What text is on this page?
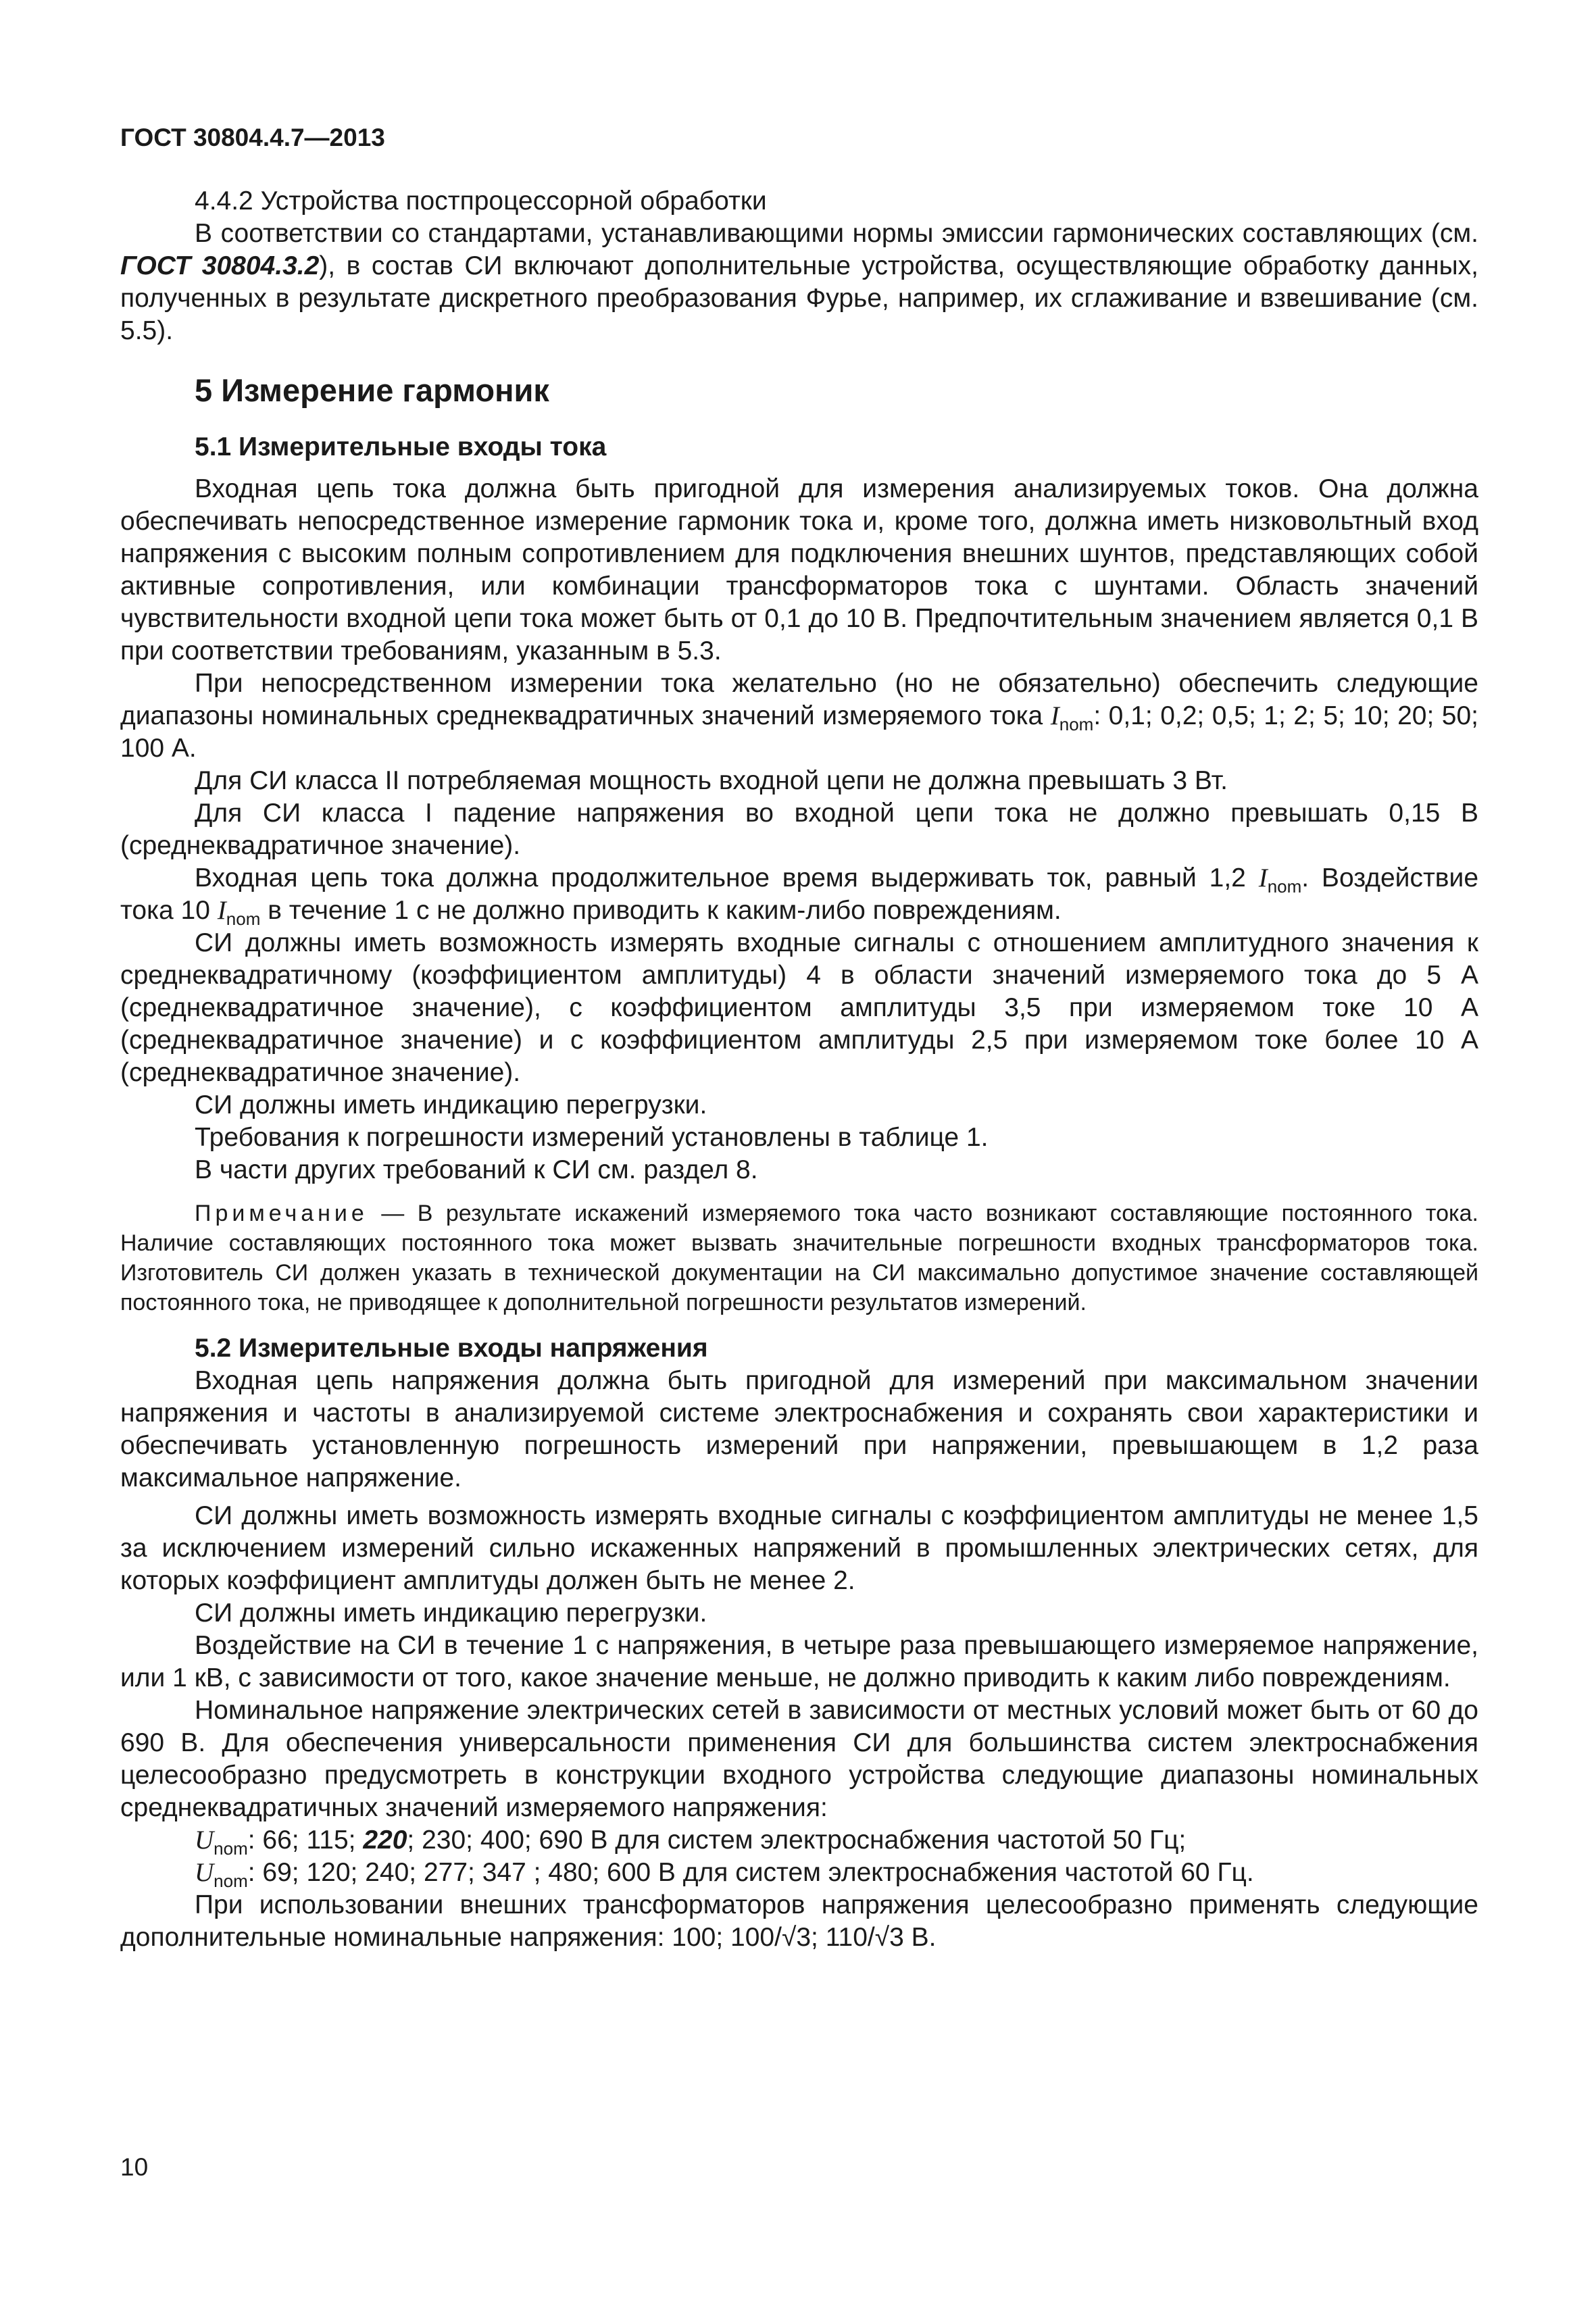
ГОСТ 30804.4.7—2013

4.4.2 Устройства постпроцессорной обработки

В соответствии со стандартами, устанавливающими нормы эмиссии гармонических составляющих (см. ГОСТ 30804.3.2), в состав СИ включают дополнительные устройства, осуществляющие обработку данных, полученных в результате дискретного преобразования Фурье, например, их сглаживание и взвешивание (см. 5.5).

5 Измерение гармоник
5.1 Измерительные входы тока

Входная цепь тока должна быть пригодной для измерения анализируемых токов. Она должна обеспечивать непосредственное измерение гармоник тока и, кроме того, должна иметь низковольтный вход напряжения с высоким полным сопротивлением для подключения внешних шунтов, представляющих собой активные сопротивления, или комбинации трансформаторов тока с шунтами. Область значений чувствительности входной цепи тока может быть от 0,1 до 10 В. Предпочтительным значением является 0,1 В при соответствии требованиям, указанным в 5.3.

При непосредственном измерении тока желательно (но не обязательно) обеспечить следующие диапазоны номинальных среднеквадратичных значений измеряемого тока $I_{nom}$: 0,1; 0,2; 0,5; 1; 2; 5; 10; 20; 50; 100 А.

Для СИ класса II потребляемая мощность входной цепи не должна превышать 3 Вт.

Для СИ класса I падение напряжения во входной цепи тока не должно превышать 0,15 В (среднеквадратичное значение).

Входная цепь тока должна продолжительное время выдерживать ток, равный 1,2 $I_{nom}$. Воздействие тока 10 $I_{nom}$ в течение 1 с не должно приводить к каким-либо повреждениям.

СИ должны иметь возможность измерять входные сигналы с отношением амплитудного значения к среднеквадратичному (коэффициентом амплитуды) 4 в области значений измеряемого тока до 5 А (среднеквадратичное значение), с коэффициентом амплитуды 3,5 при измеряемом токе 10 А (среднеквадратичное значение) и с коэффициентом амплитуды 2,5 при измеряемом токе более 10 А (среднеквадратичное значение).

СИ должны иметь индикацию перегрузки.

Требования к погрешности измерений установлены в таблице 1.

В части других требований к СИ см. раздел 8.

Примечание — В результате искажений измеряемого тока часто возникают составляющие постоянного тока. Наличие составляющих постоянного тока может вызвать значительные погрешности входных трансформаторов тока. Изготовитель СИ должен указать в технической документации на СИ максимально допустимое значение составляющей постоянного тока, не приводящее к дополнительной погрешности результатов измерений.

5.2 Измерительные входы напряжения

Входная цепь напряжения должна быть пригодной для измерений при максимальном значении напряжения и частоты в анализируемой системе электроснабжения и сохранять свои характеристики и обеспечивать установленную погрешность измерений при напряжении, превышающем в 1,2 раза максимальное напряжение.

СИ должны иметь возможность измерять входные сигналы с коэффициентом амплитуды не менее 1,5 за исключением измерений сильно искаженных напряжений в промышленных электрических сетях, для которых коэффициент амплитуды должен быть не менее 2.

СИ должны иметь индикацию перегрузки.

Воздействие на СИ в течение 1 с напряжения, в четыре раза превышающего измеряемое напряжение, или 1 кВ, с зависимости от того, какое значение меньше, не должно приводить к каким либо повреждениям.

Номинальное напряжение электрических сетей в зависимости от местных условий может быть от 60 до 690 В. Для обеспечения универсальности применения СИ для большинства систем электроснабжения целесообразно предусмотреть в конструкции входного устройства следующие диапазоны номинальных среднеквадратичных значений измеряемого напряжения:

$U_{nom}$: 66; 115; 220; 230; 400; 690 В для систем электроснабжения частотой 50 Гц;

$U_{nom}$: 69; 120; 240; 277; 347 ; 480; 600 В для систем электроснабжения частотой 60 Гц.

При использовании внешних трансформаторов напряжения целесообразно применять следующие дополнительные номинальные напряжения: 100; 100/√3; 110/√3 В.

10
